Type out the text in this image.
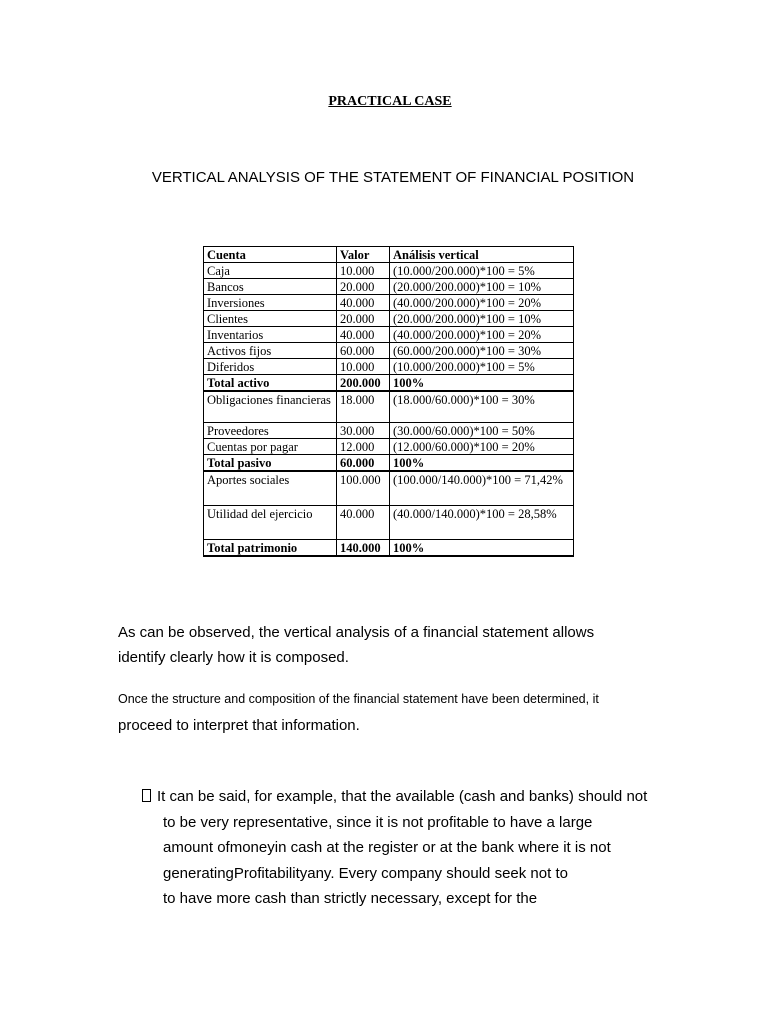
PRACTICAL CASE
VERTICAL ANALYSIS OF THE STATEMENT OF FINANCIAL POSITION
Cuenta	Valor	Análisis vertical
Caja	10.000	(10.000/200.000)*100 = 5%
Bancos	20.000	(20.000/200.000)*100 = 10%
Inversiones	40.000	(40.000/200.000)*100 = 20%
Clientes	20.000	(20.000/200.000)*100 = 10%
Inventarios	40.000	(40.000/200.000)*100 = 20%
Activos fijos	60.000	(60.000/200.000)*100 = 30%
Diferidos	10.000	(10.000/200.000)*100 = 5%
Total activo	200.000	100%
Obligaciones financieras	18.000	(18.000/60.000)*100 = 30%
Proveedores	30.000	(30.000/60.000)*100 = 50%
Cuentas por pagar	12.000	(12.000/60.000)*100 = 20%
Total pasivo	60.000	100%
Aportes sociales	100.000	(100.000/140.000)*100 = 71,42%
Utilidad del ejercicio	40.000	(40.000/140.000)*100 = 28,58%
Total patrimonio	140.000	100%
As can be observed, the vertical analysis of a financial statement allows identify clearly how it is composed.
Once the structure and composition of the financial statement have been determined, it
proceed to interpret that information.
It can be said, for example, that the available (cash and banks) should not
to be very representative, since it is not profitable to have a large
amount ofmoneyin cash at the register or at the bank where it is not
generatingProfitabilityany. Every company should seek not to
to have more cash than strictly necessary, except for the
